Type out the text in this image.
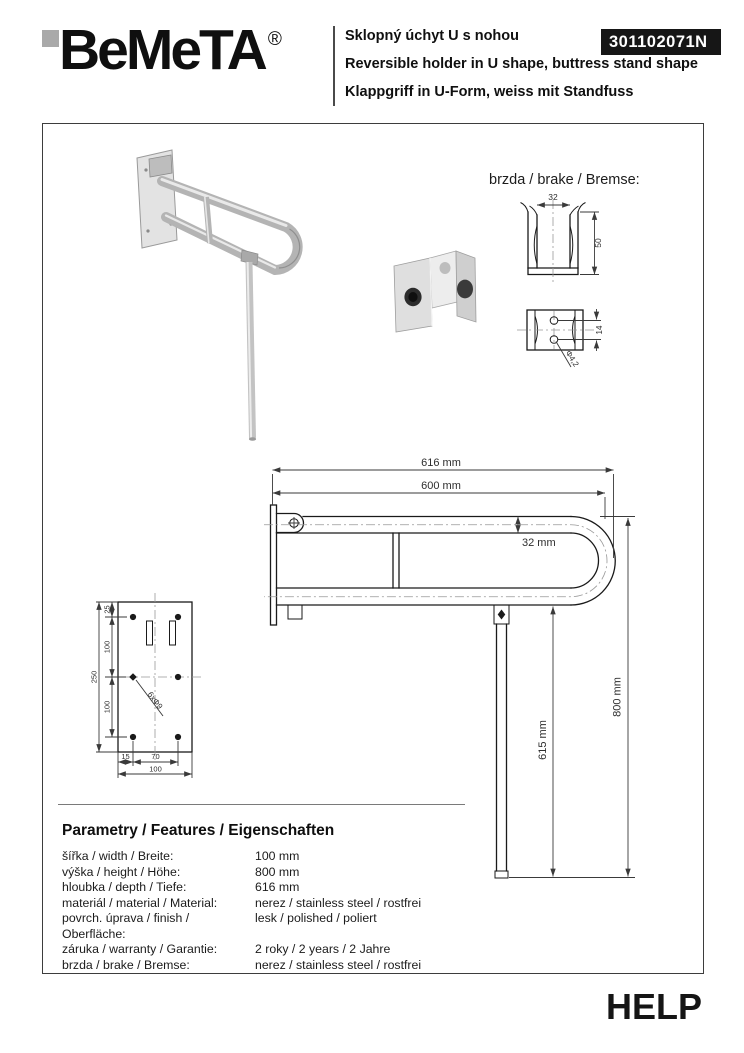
BeMeTA ®	Sklopný úchyt U s nohou
Reversible holder in U shape, buttress stand shape
Klappgriff in U-Form, weiss mit Standfuss
301102071N
brzda / brake / Bremse:
32
50
14
Φ4,2
616 mm
600 mm
32 mm
800 mm
615 mm
6xΦ9
25
100
100
250
15	70
100
Parametry / Features / Eigenschaften
šířka / width / Breite:	100 mm
výška / height / Höhe:	800 mm
hloubka / depth / Tiefe:	616 mm
materiál / material / Material:	nerez / stainless steel / rostfrei
povrch. úprava / finish / Oberfläche:
lesk / polished / poliert
záruka / warranty / Garantie:	2 roky / 2 years / 2 Jahre
brzda / brake / Bremse:	nerez / stainless steel / rostfrei
HELP
